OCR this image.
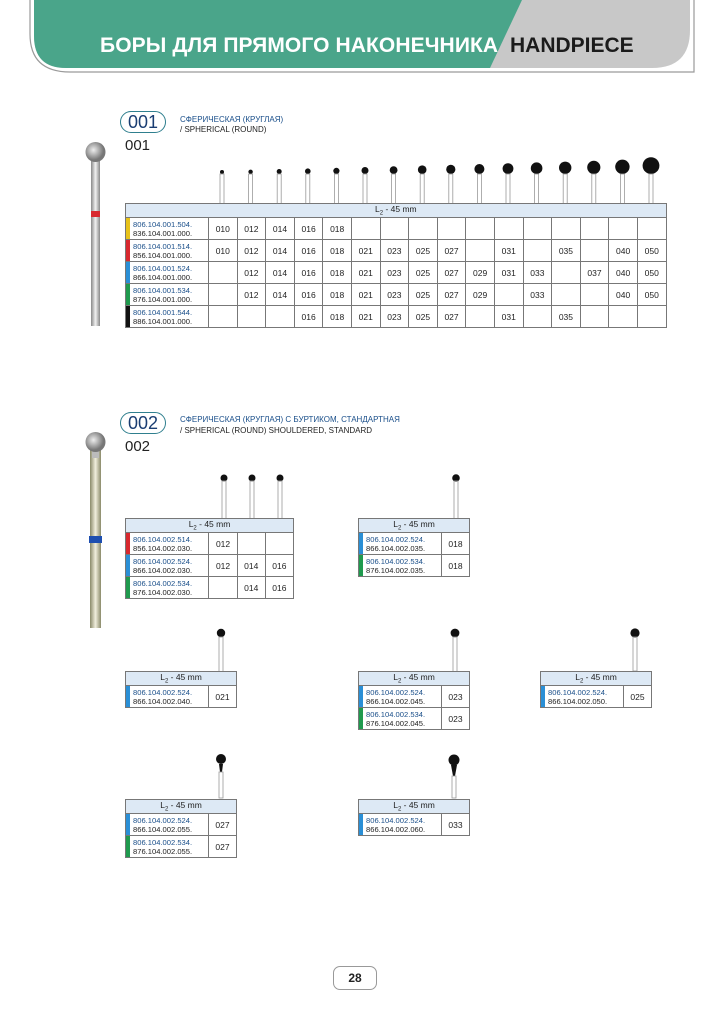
БОРЫ ДЛЯ ПРЯМОГО НАКОНЕЧНИКА HANDPIECE
001
001
СФЕРИЧЕСКАЯ (КРУГЛАЯ)
/ SPHERICAL (ROUND)
$L_2 - 45$ mm																

806.104.001.504.
836.104.001.000.	010	012	014	016	018											

806.104.001.514.
856.104.001.000.	010	012	014	016	018	021	023	025	027		031		035		040	050

806.104.001.524.
866.104.001.000.		012	014	016	018	021	023	025	027	029	031	033		037	040	050

806.104.001.534.
876.104.001.000.		012	014	016	018	021	023	025	027	029		033			040	050

806.104.001.544.
886.104.001.000.				016	018	021	023	025	027		031		035			
002
002
СФЕРИЧЕСКАЯ (КРУГЛАЯ) С БУРТИКОМ, СТАНДАРТНАЯ
/ SPHERICAL (ROUND) SHOULDERED, STANDARD
$L_2 - 45$ mm			

806.104.002.514.
856.104.002.030.	012		

806.104.002.524.
866.104.002.030.	012	014	016

806.104.002.534.
876.104.002.030.		014	016
$L_2 - 45$ mm	

806.104.002.524.
866.104.002.035.	018

806.104.002.534.
876.104.002.035.	018
$L_2 - 45$ mm

806.104.002.524.
866.104.002.040.	021
$L_2 - 45$ mm	

806.104.002.524.
866.104.002.045.	023

806.104.002.534.
876.104.002.045.	023
$L_2 - 45$ mm

806.104.002.524.
866.104.002.050.	025
$L_2 - 45$ mm	

806.104.002.524.
866.104.002.055.	027

806.104.002.534.
876.104.002.055.	027
$L_2 - 45$ mm

806.104.002.524.
866.104.002.060.	033
28
